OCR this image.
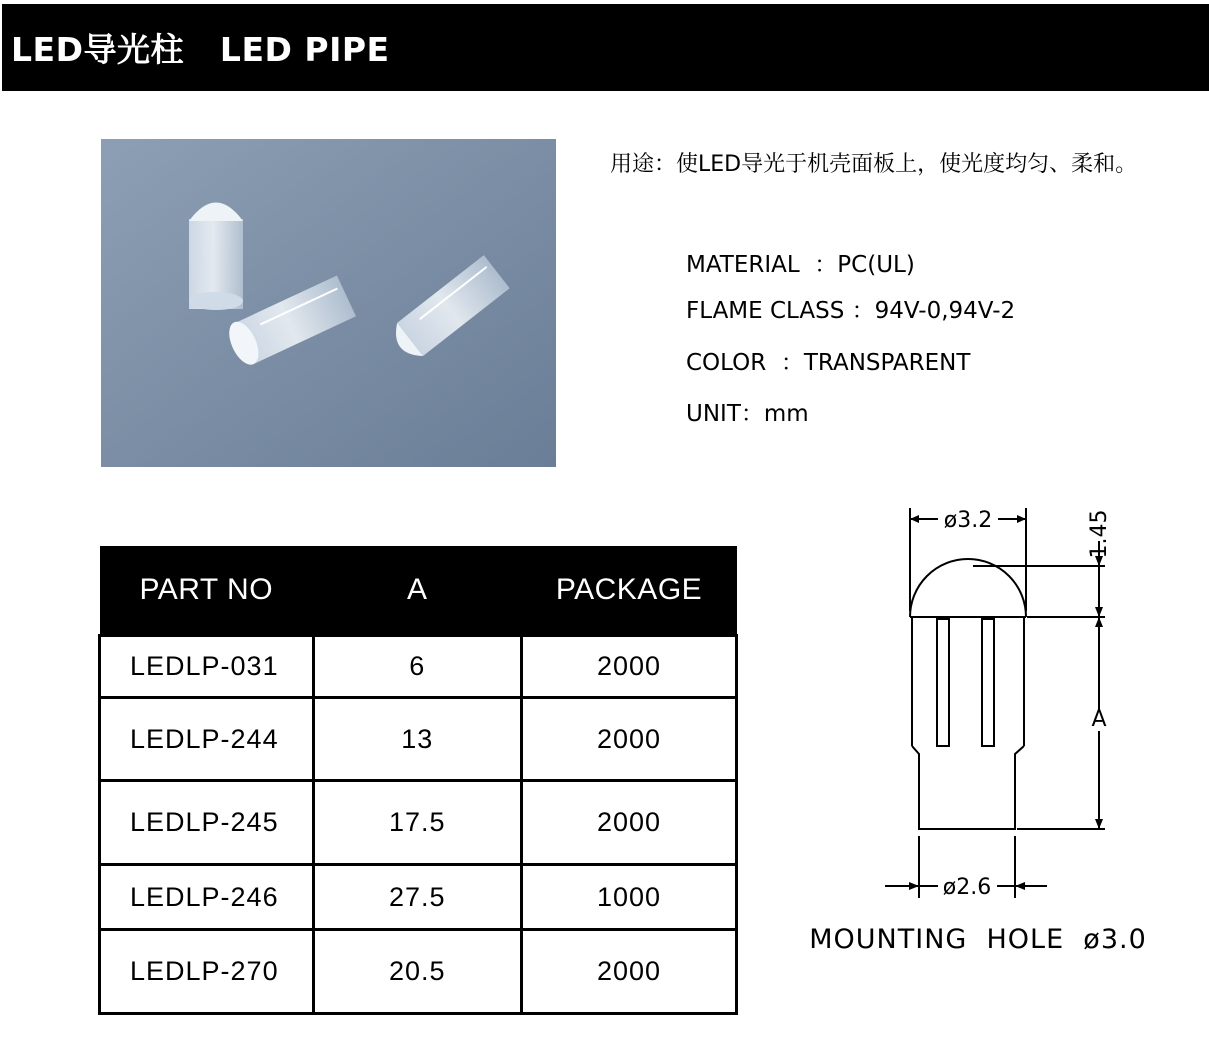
LED导光柱   LED PIPE
用途：使LED导光于机壳面板上，使光度均匀、柔和。
MATERIAL  ：PC(UL)
FLAME CLASS ：94V-0,94V-2
COLOR  ：TRANSPARENT
UNIT：mm
PART NO	A	PACKAGE
LEDLP-031	6	2000
LEDLP-244	13	2000
LEDLP-245	17.5	2000
LEDLP-246	27.5	1000
LEDLP-270	20.5	2000
ø3.2	1.45
A
ø2.6
MOUNTING  HOLE  ø3.0
